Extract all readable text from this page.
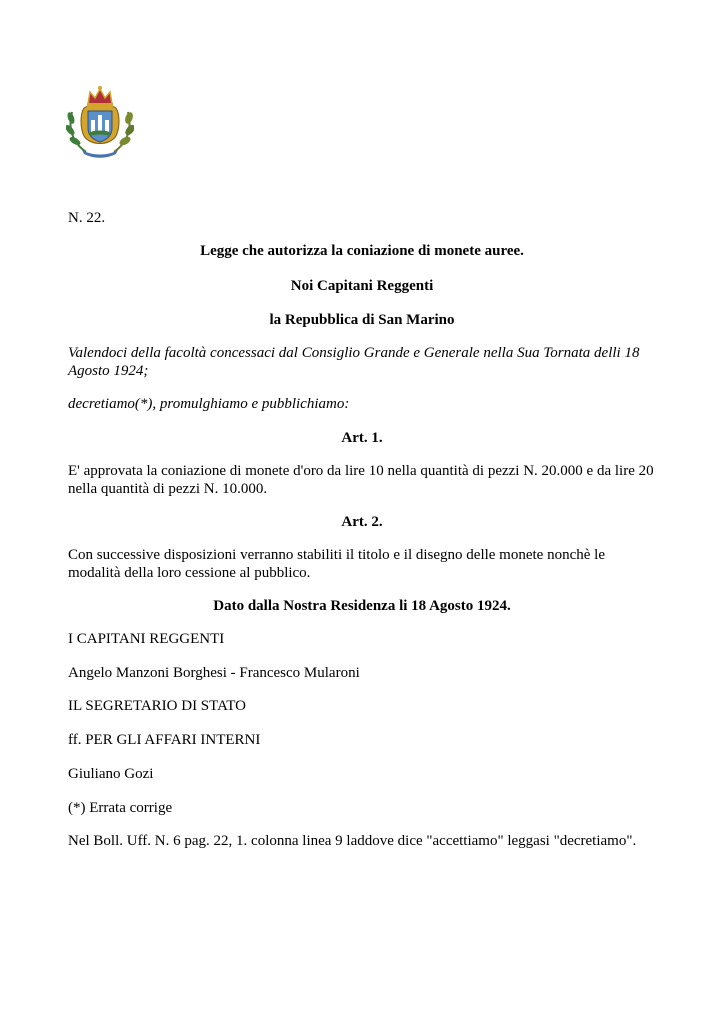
N. 22.
Legge che autorizza la coniazione di monete auree.
Noi Capitani Reggenti
la Repubblica di San Marino
Valendoci della facoltà concessaci dal Consiglio Grande e Generale nella Sua Tornata delli 18 Agosto 1924;
decretiamo(*), promulghiamo e pubblichiamo:
Art. 1.
E' approvata la coniazione di monete d'oro da lire 10 nella quantità di pezzi N. 20.000 e da lire 20 nella quantità di pezzi N. 10.000.
Art. 2.
Con successive disposizioni verranno stabiliti il titolo e il disegno delle monete nonchè le modalità della loro cessione al pubblico.
Dato dalla Nostra Residenza li 18 Agosto 1924.
I CAPITANI REGGENTI
Angelo Manzoni Borghesi - Francesco Mularoni
IL SEGRETARIO DI STATO
ff. PER GLI AFFARI INTERNI
Giuliano Gozi
(*) Errata corrige
Nel Boll. Uff. N. 6 pag. 22, 1. colonna linea 9 laddove dice "accettiamo" leggasi "decretiamo".
